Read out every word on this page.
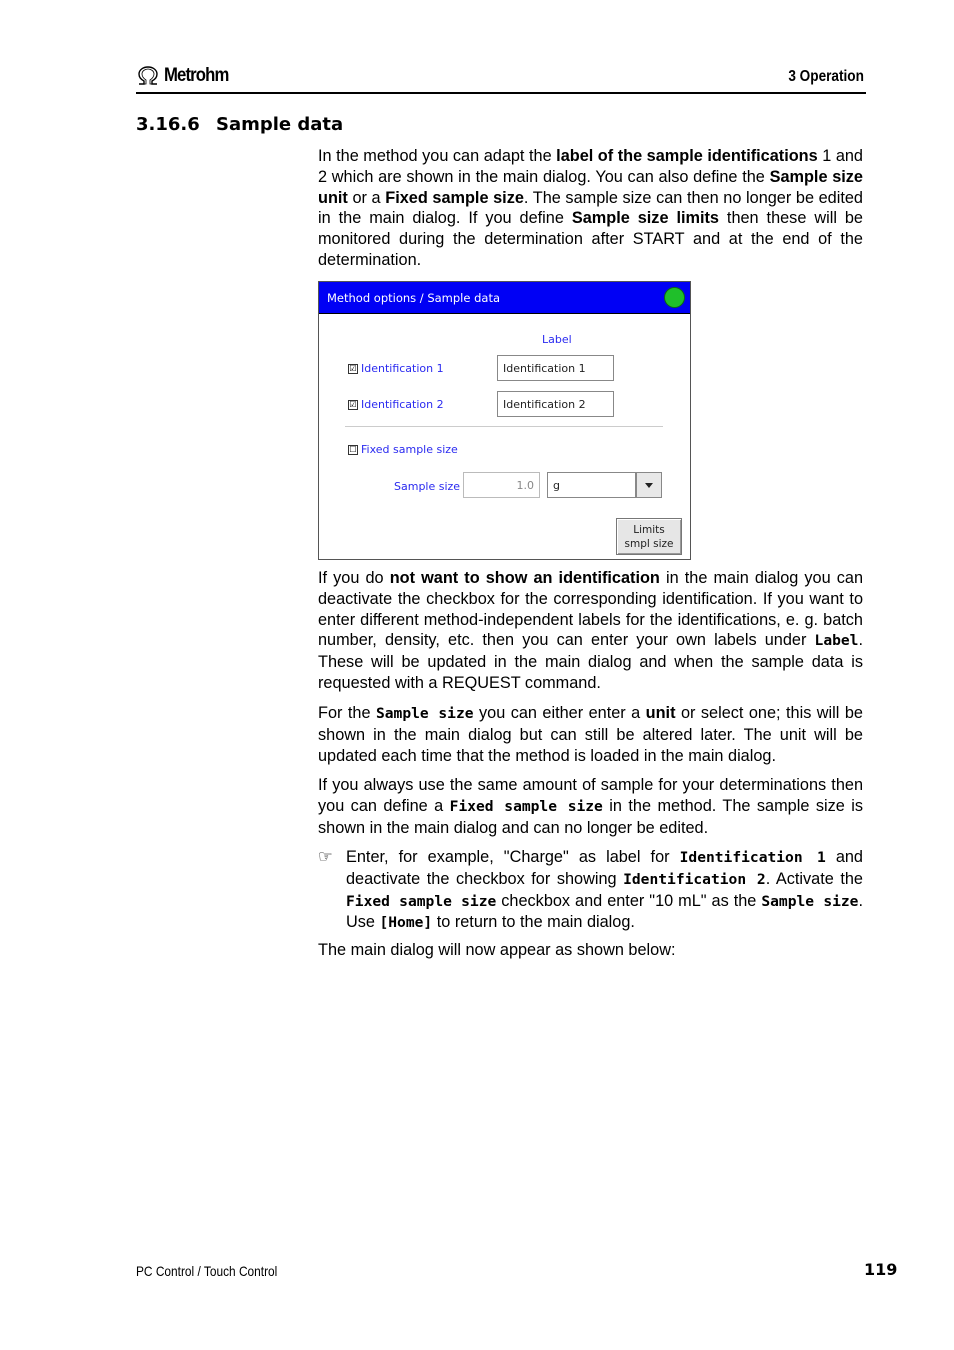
Metrohm	3 Operation
3.16.6 Sample data

In the method you can adapt the label of the sample identifications 1 and 2 which are shown in the main dialog. You can also define the Sample size unit or a Fixed sample size. The sample size can then no longer be edited in the main dialog. If you define Sample size limits then these will be monitored during the determination after START and at the end of the determination.

Method options / Sample data
Label
☑ Identification 1	Identification 1
☑ Identification 2	Identification 2
☐ Fixed sample size
Sample size	1.0	g
Limits
smpl size

If you do not want to show an identification in the main dialog you can deactivate the checkbox for the corresponding identification. If you want to enter different method-independent labels for the identifications, e. g. batch number, density, etc. then you can enter your own labels under Label. These will be updated in the main dialog and when the sample data is requested with a REQUEST command.

For the Sample size you can either enter a unit or select one; this will be shown in the main dialog but can still be altered later. The unit will be updated each time that the method is loaded in the main dialog.

If you always use the same amount of sample for your determinations then you can define a Fixed sample size in the method. The sample size is shown in the main dialog and can no longer be edited.

☞ Enter, for example, "Charge" as label for Identification 1 and deactivate the checkbox for showing Identification 2. Activate the Fixed sample size checkbox and enter "10 mL" as the Sample size. Use [Home] to return to the main dialog.

The main dialog will now appear as shown below:

PC Control / Touch Control	119
